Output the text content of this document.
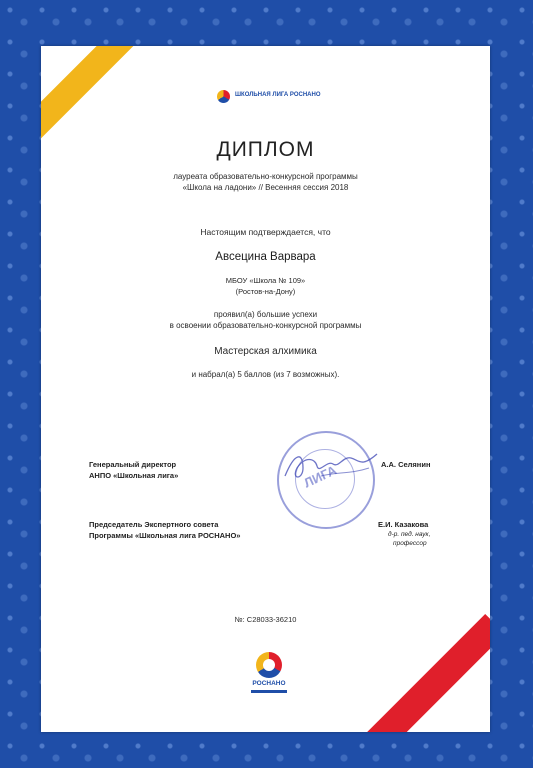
ШКОЛЬНАЯ ЛИГА РОСНАНО
ДИПЛОМ
лауреата образовательно-конкурсной программы
«Школа на ладони» // Весенняя сессия 2018
Настоящим подтверждается, что
Авсецина Варвара
МБОУ «Школа № 109»
(Ростов-на-Дону)
проявил(а) большие успехи
в освоении образовательно-конкурсной программы
Мастерская алхимика
и набрал(а) 5 баллов (из 7 возможных).
Генеральный директор
АНПО «Школьная лига»
А.А. Селянин
Председатель Экспертного совета
Программы «Школьная лига РОСНАНО»
Е.И. Казакова
д-р. пед. наук,
профессор
ЛИГА
№: С28033-36210
РОСНАНО
